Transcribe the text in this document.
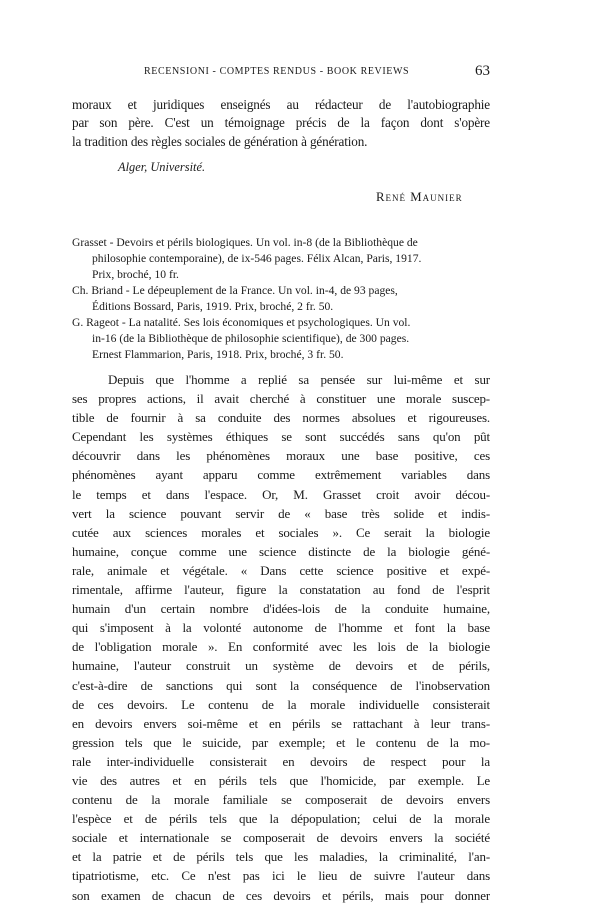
RECENSIONI - COMPTES RENDUS - BOOK REVIEWS	63
moraux et juridiques enseignés au rédacteur de l'autobiographie
par son père. C'est un témoignage précis de la façon dont s'opère
la tradition des règles sociales de génération à génération.
Alger, Université.
René Maunier
Grasset - Devoirs et périls biologiques. Un vol. in-8 (de la Bibliothèque de
philosophie contemporaine), de ix-546 pages. Félix Alcan, Paris, 1917.
Prix, broché, 10 fr.
Ch. Briand - Le dépeuplement de la France. Un vol. in-4, de 93 pages,
Éditions Bossard, Paris, 1919. Prix, broché, 2 fr. 50.
G. Rageot - La natalité. Ses lois économiques et psychologiques. Un vol.
in-16 (de la Bibliothèque de philosophie scientifique), de 300 pages.
Ernest Flammarion, Paris, 1918. Prix, broché, 3 fr. 50.
Depuis que l'homme a replié sa pensée sur lui-même et sur
ses propres actions, il avait cherché à constituer une morale suscep-
tible de fournir à sa conduite des normes absolues et rigoureuses.
Cependant les systèmes éthiques se sont succédés sans qu'on pût
découvrir dans les phénomènes moraux une base positive, ces
phénomènes ayant apparu comme extrêmement variables dans
le temps et dans l'espace. Or, M. Grasset croit avoir décou-
vert la science pouvant servir de « base très solide et indis-
cutée aux sciences morales et sociales ». Ce serait la biologie
humaine, conçue comme une science distincte de la biologie géné-
rale, animale et végétale. « Dans cette science positive et expé-
rimentale, affirme l'auteur, figure la constatation au fond de l'esprit
humain d'un certain nombre d'idées-lois de la conduite humaine,
qui s'imposent à la volonté autonome de l'homme et font la base
de l'obligation morale ». En conformité avec les lois de la biologie
humaine, l'auteur construit un système de devoirs et de périls,
c'est-à-dire de sanctions qui sont la conséquence de l'inobservation
de ces devoirs. Le contenu de la morale individuelle consisterait
en devoirs envers soi-même et en périls se rattachant à leur trans-
gression tels que le suicide, par exemple; et le contenu de la mo-
rale inter-individuelle consisterait en devoirs de respect pour la
vie des autres et en périls tels que l'homicide, par exemple. Le
contenu de la morale familiale se composerait de devoirs envers
l'espèce et de périls tels que la dépopulation; celui de la morale
sociale et internationale se composerait de devoirs envers la société
et la patrie et de périls tels que les maladies, la criminalité, l'an-
tipatriotisme, etc. Ce n'est pas ici le lieu de suivre l'auteur dans
son examen de chacun de ces devoirs et périls, mais pour donner
